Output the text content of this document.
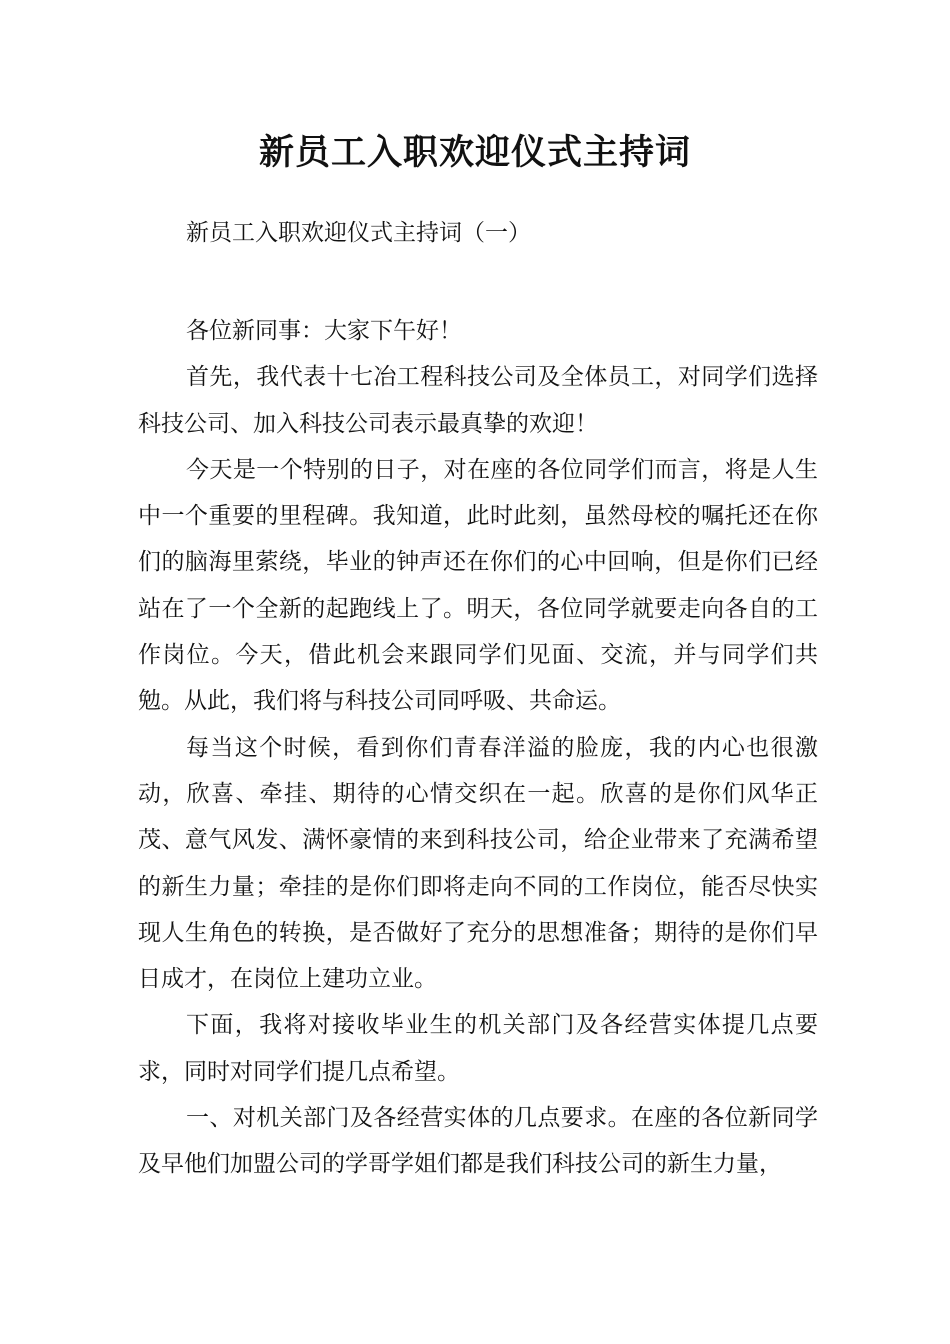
新员工入职欢迎仪式主持词
新员工入职欢迎仪式主持词（一）

各位新同事：大家下午好！

首先，我代表十七冶工程科技公司及全体员工，对同学们选择科技公司、加入科技公司表示最真挚的欢迎！

今天是一个特别的日子，对在座的各位同学们而言，将是人生中一个重要的里程碑。我知道，此时此刻，虽然母校的嘱托还在你们的脑海里萦绕，毕业的钟声还在你们的心中回响，但是你们已经站在了一个全新的起跑线上了。明天，各位同学就要走向各自的工作岗位。今天，借此机会来跟同学们见面、交流，并与同学们共勉。从此，我们将与科技公司同呼吸、共命运。

每当这个时候，看到你们青春洋溢的脸庞，我的内心也很激动，欣喜、牵挂、期待的心情交织在一起。欣喜的是你们风华正茂、意气风发、满怀豪情的来到科技公司，给企业带来了充满希望的新生力量；牵挂的是你们即将走向不同的工作岗位，能否尽快实现人生角色的转换，是否做好了充分的思想准备；期待的是你们早日成才，在岗位上建功立业。

下面，我将对接收毕业生的机关部门及各经营实体提几点要求，同时对同学们提几点希望。

一、对机关部门及各经营实体的几点要求。在座的各位新同学及早他们加盟公司的学哥学姐们都是我们科技公司的新生力量，
